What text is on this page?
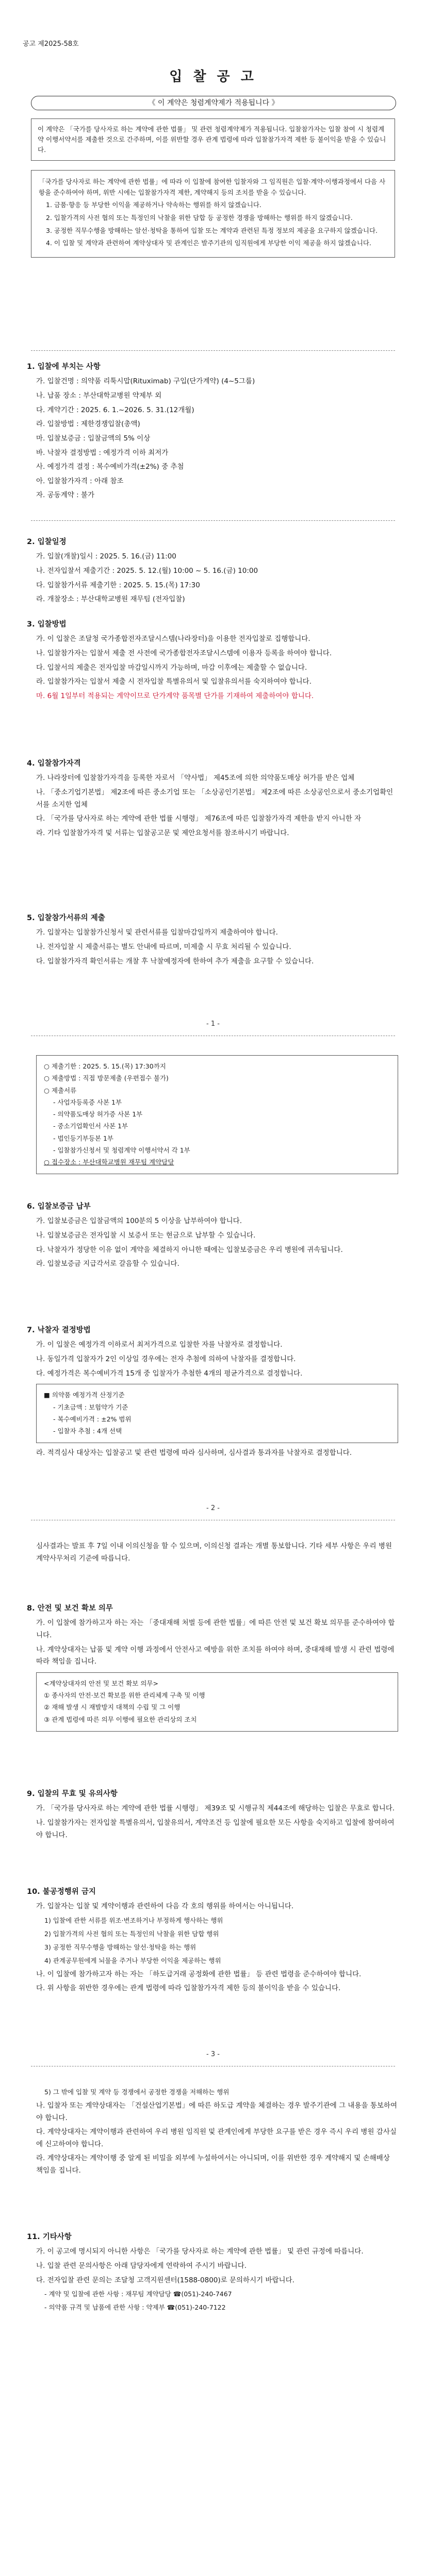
공고 제2025-58호
입 찰 공 고
《 이 계약은 청렴계약제가 적용됩니다 》

이 계약은 「국가를 당사자로 하는 계약에 관한 법률」 및 관련 청렴계약제가 적용됩니다. 입찰참가자는 입찰 참여 시 청렴계약 이행서약서를 제출한 것으로 간주하며, 이를 위반할 경우 관계 법령에 따라 입찰참가자격 제한 등 불이익을 받을 수 있습니다.

「국가를 당사자로 하는 계약에 관한 법률」에 따라 이 입찰에 참여한 입찰자와 그 임직원은 입찰·계약·이행과정에서 다음 사항을 준수하여야 하며, 위반 시에는 입찰참가자격 제한, 계약해지 등의 조치를 받을 수 있습니다.

1. 금품·향응 등 부당한 이익을 제공하거나 약속하는 행위를 하지 않겠습니다.

2. 입찰가격의 사전 협의 또는 특정인의 낙찰을 위한 담합 등 공정한 경쟁을 방해하는 행위를 하지 않겠습니다.

3. 공정한 직무수행을 방해하는 알선·청탁을 통하여 입찰 또는 계약과 관련된 특정 정보의 제공을 요구하지 않겠습니다.

4. 이 입찰 및 계약과 관련하여 계약상대자 및 관계인은 발주기관의 임직원에게 부당한 이익 제공을 하지 않겠습니다.

1. 입찰에 부치는 사항

가. 입찰건명 : 의약품 리툭시맙(Rituximab) 구입(단가계약) (4~5그룹)

나. 납품 장소 : 부산대학교병원 약제부 외

다. 계약기간 : 2025. 6. 1.~2026. 5. 31.(12개월)

라. 입찰방법 : 제한경쟁입찰(총액)

마. 입찰보증금 : 입찰금액의 5% 이상

바. 낙찰자 결정방법 : 예정가격 이하 최저가

사. 예정가격 결정 : 복수예비가격(±2%) 중 추첨

아. 입찰참가자격 : 아래 참조

자. 공동계약 : 불가

2. 입찰일정

가. 입찰(개찰)일시 : 2025. 5. 16.(금) 11:00

나. 전자입찰서 제출기간 : 2025. 5. 12.(월) 10:00 ~ 5. 16.(금) 10:00

다. 입찰참가서류 제출기한 : 2025. 5. 15.(목) 17:30

라. 개찰장소 : 부산대학교병원 재무팀 (전자입찰)

3. 입찰방법

가. 이 입찰은 조달청 국가종합전자조달시스템(나라장터)을 이용한 전자입찰로 집행합니다.

나. 입찰참가자는 입찰서 제출 전 사전에 국가종합전자조달시스템에 이용자 등록을 하여야 합니다.

다. 입찰서의 제출은 전자입찰 마감일시까지 가능하며, 마감 이후에는 제출할 수 없습니다.

라. 입찰참가자는 입찰서 제출 시 전자입찰 특별유의서 및 입찰유의서를 숙지하여야 합니다.

마. 6월 1일부터 적용되는 계약이므로 단가계약 품목별 단가를 기재하여 제출하여야 합니다.

4. 입찰참가자격

가. 나라장터에 입찰참가자격을 등록한 자로서 「약사법」 제45조에 의한 의약품도매상 허가를 받은 업체

나. 「중소기업기본법」 제2조에 따른 중소기업 또는 「소상공인기본법」 제2조에 따른 소상공인으로서 중소기업확인서를 소지한 업체

다. 「국가를 당사자로 하는 계약에 관한 법률 시행령」 제76조에 따른 입찰참가자격 제한을 받지 아니한 자

라. 기타 입찰참가자격 및 서류는 입찰공고문 및 제안요청서를 참조하시기 바랍니다.

5. 입찰참가서류의 제출

가. 입찰자는 입찰참가신청서 및 관련서류를 입찰마감일까지 제출하여야 합니다.

나. 전자입찰 시 제출서류는 별도 안내에 따르며, 미제출 시 무효 처리될 수 있습니다.

다. 입찰참가자격 확인서류는 개찰 후 낙찰예정자에 한하여 추가 제출을 요구할 수 있습니다.

- 1 -

○ 제출기한 : 2025. 5. 15.(목) 17:30까지

○ 제출방법 : 직접 방문제출 (우편접수 불가)

○ 제출서류

- 사업자등록증 사본 1부

- 의약품도매상 허가증 사본 1부

- 중소기업확인서 사본 1부

- 법인등기부등본 1부

- 입찰참가신청서 및 청렴계약 이행서약서 각 1부

○ 접수장소 : 부산대학교병원 재무팀 계약담당

6. 입찰보증금 납부

가. 입찰보증금은 입찰금액의 100분의 5 이상을 납부하여야 합니다.

나. 입찰보증금은 전자입찰 시 보증서 또는 현금으로 납부할 수 있습니다.

다. 낙찰자가 정당한 이유 없이 계약을 체결하지 아니한 때에는 입찰보증금은 우리 병원에 귀속됩니다.

라. 입찰보증금 지급각서로 갈음할 수 있습니다.

7. 낙찰자 결정방법

가. 이 입찰은 예정가격 이하로서 최저가격으로 입찰한 자를 낙찰자로 결정합니다.

나. 동일가격 입찰자가 2인 이상일 경우에는 전자 추첨에 의하여 낙찰자를 결정합니다.

다. 예정가격은 복수예비가격 15개 중 입찰자가 추첨한 4개의 평균가격으로 결정합니다.

■ 의약품 예정가격 산정기준

- 기초금액 : 보험약가 기준

- 복수예비가격 : ±2% 범위

- 입찰자 추첨 : 4개 선택

라. 적격심사 대상자는 입찰공고 및 관련 법령에 따라 심사하며, 심사결과 통과자를 낙찰자로 결정합니다.

- 2 -

심사결과는 발표 후 7일 이내 이의신청을 할 수 있으며, 이의신청 결과는 개별 통보합니다. 기타 세부 사항은 우리 병원 계약사무처리 기준에 따릅니다.

8. 안전 및 보건 확보 의무

가. 이 입찰에 참가하고자 하는 자는 「중대재해 처벌 등에 관한 법률」에 따른 안전 및 보건 확보 의무를 준수하여야 합니다.

나. 계약상대자는 납품 및 계약 이행 과정에서 안전사고 예방을 위한 조치를 하여야 하며, 중대재해 발생 시 관련 법령에 따라 책임을 집니다.

<계약상대자의 안전 및 보건 확보 의무>

① 종사자의 안전·보건 확보를 위한 관리체계 구축 및 이행

② 재해 발생 시 재발방지 대책의 수립 및 그 이행

③ 관계 법령에 따른 의무 이행에 필요한 관리상의 조치

9. 입찰의 무효 및 유의사항

가. 「국가를 당사자로 하는 계약에 관한 법률 시행령」 제39조 및 시행규칙 제44조에 해당하는 입찰은 무효로 합니다.

나. 입찰참가자는 전자입찰 특별유의서, 입찰유의서, 계약조건 등 입찰에 필요한 모든 사항을 숙지하고 입찰에 참여하여야 합니다.

10. 불공정행위 금지

가. 입찰자는 입찰 및 계약이행과 관련하여 다음 각 호의 행위를 하여서는 아니됩니다.

1) 입찰에 관한 서류를 위조·변조하거나 부정하게 행사하는 행위

2) 입찰가격의 사전 협의 또는 특정인의 낙찰을 위한 담합 행위

3) 공정한 직무수행을 방해하는 알선·청탁을 하는 행위

4) 관계공무원에게 뇌물을 주거나 부당한 이익을 제공하는 행위

나. 이 입찰에 참가하고자 하는 자는 「하도급거래 공정화에 관한 법률」 등 관련 법령을 준수하여야 합니다.

다. 위 사항을 위반한 경우에는 관계 법령에 따라 입찰참가자격 제한 등의 불이익을 받을 수 있습니다.

- 3 -

5) 그 밖에 입찰 및 계약 등 경쟁에서 공정한 경쟁을 저해하는 행위

나. 입찰자 또는 계약상대자는 「건설산업기본법」에 따른 하도급 계약을 체결하는 경우 발주기관에 그 내용을 통보하여야 합니다.

다. 계약상대자는 계약이행과 관련하여 우리 병원 임직원 및 관계인에게 부당한 요구를 받은 경우 즉시 우리 병원 감사실에 신고하여야 합니다.

라. 계약상대자는 계약이행 중 알게 된 비밀을 외부에 누설하여서는 아니되며, 이를 위반한 경우 계약해지 및 손해배상 책임을 집니다.

11. 기타사항

가. 이 공고에 명시되지 아니한 사항은 「국가를 당사자로 하는 계약에 관한 법률」 및 관련 규정에 따릅니다.

나. 입찰 관련 문의사항은 아래 담당자에게 연락하여 주시기 바랍니다.

다. 전자입찰 관련 문의는 조달청 고객지원센터(1588-0800)로 문의하시기 바랍니다.

- 계약 및 입찰에 관한 사항 : 재무팀 계약담당 ☎(051)-240-7467

- 의약품 규격 및 납품에 관한 사항 : 약제부 ☎(051)-240-7122
